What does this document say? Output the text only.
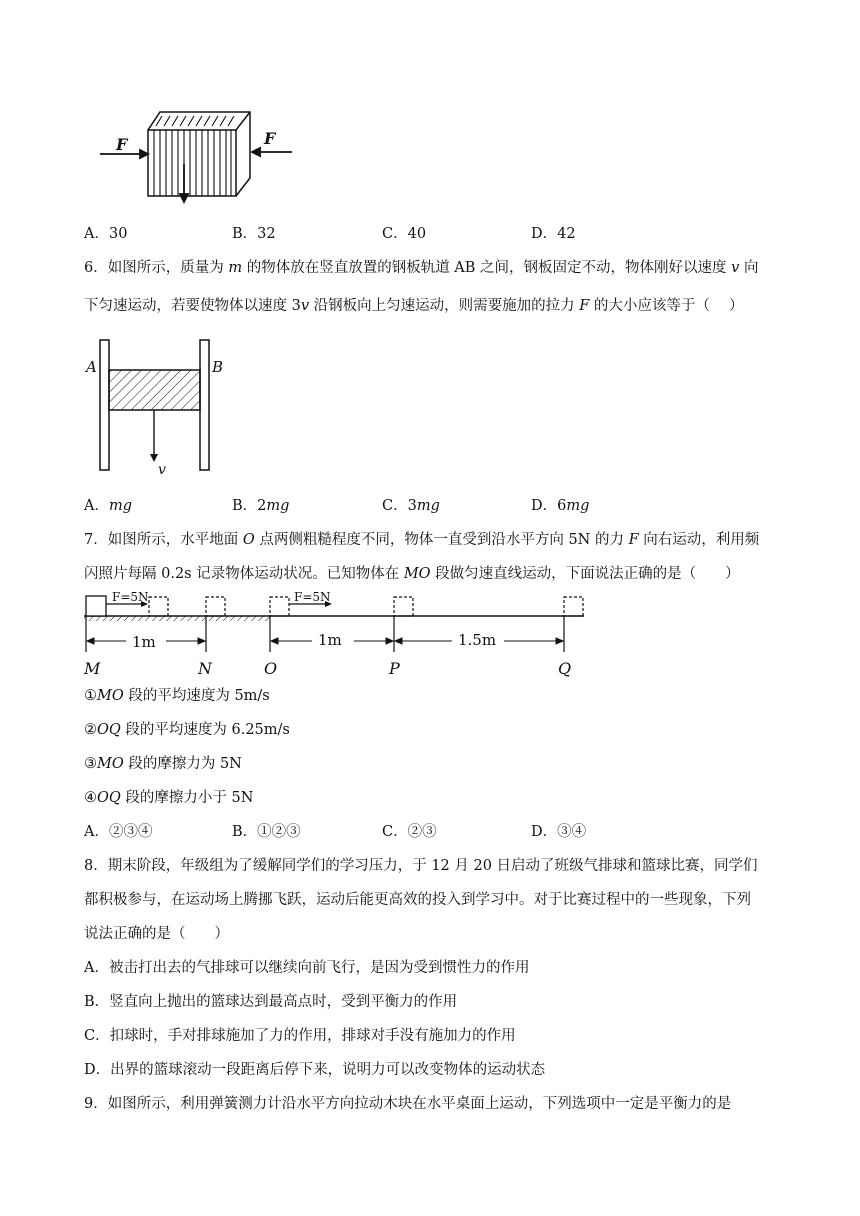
F	F
A．30	B．32	C．40	D．42
6．如图所示，质量为 m 的物体放在竖直放置的钢板轨道 AB 之间，钢板固定不动，物体刚好以速度 v 向
下匀速运动，若要使物体以速度 3v 沿钢板向上匀速运动，则需要施加的拉力 F 的大小应该等于（　 ）
A	B
v
A．mg	B．2mg	C．3mg	D．6mg
7．如图所示，水平地面 O 点两侧粗糙程度不同，物体一直受到沿水平方向 5N 的力 F 向右运动，利用频
闪照片每隔 0.2s 记录物体运动状况。已知物体在 MO 段做匀速直线运动，下面说法正确的是（　　）
F=5N	F=5N
1m	1m	1.5m
M	N	O	P	Q
①MO 段的平均速度为 5m/s
②OQ 段的平均速度为 6.25m/s
③MO 段的摩擦力为 5N
④OQ 段的摩擦力小于 5N
A．②③④	B．①②③	C．②③	D．③④
8．期末阶段，年级组为了缓解同学们的学习压力，于 12 月 20 日启动了班级气排球和篮球比赛，同学们
都积极参与，在运动场上腾挪飞跃，运动后能更高效的投入到学习中。对于比赛过程中的一些现象，下列
说法正确的是（　　）
A．被击打出去的气排球可以继续向前飞行，是因为受到惯性力的作用
B．竖直向上抛出的篮球达到最高点时，受到平衡力的作用
C．扣球时，手对排球施加了力的作用，排球对手没有施加力的作用
D．出界的篮球滚动一段距离后停下来，说明力可以改变物体的运动状态
9．如图所示，利用弹簧测力计沿水平方向拉动木块在水平桌面上运动，下列选项中一定是平衡力的是
